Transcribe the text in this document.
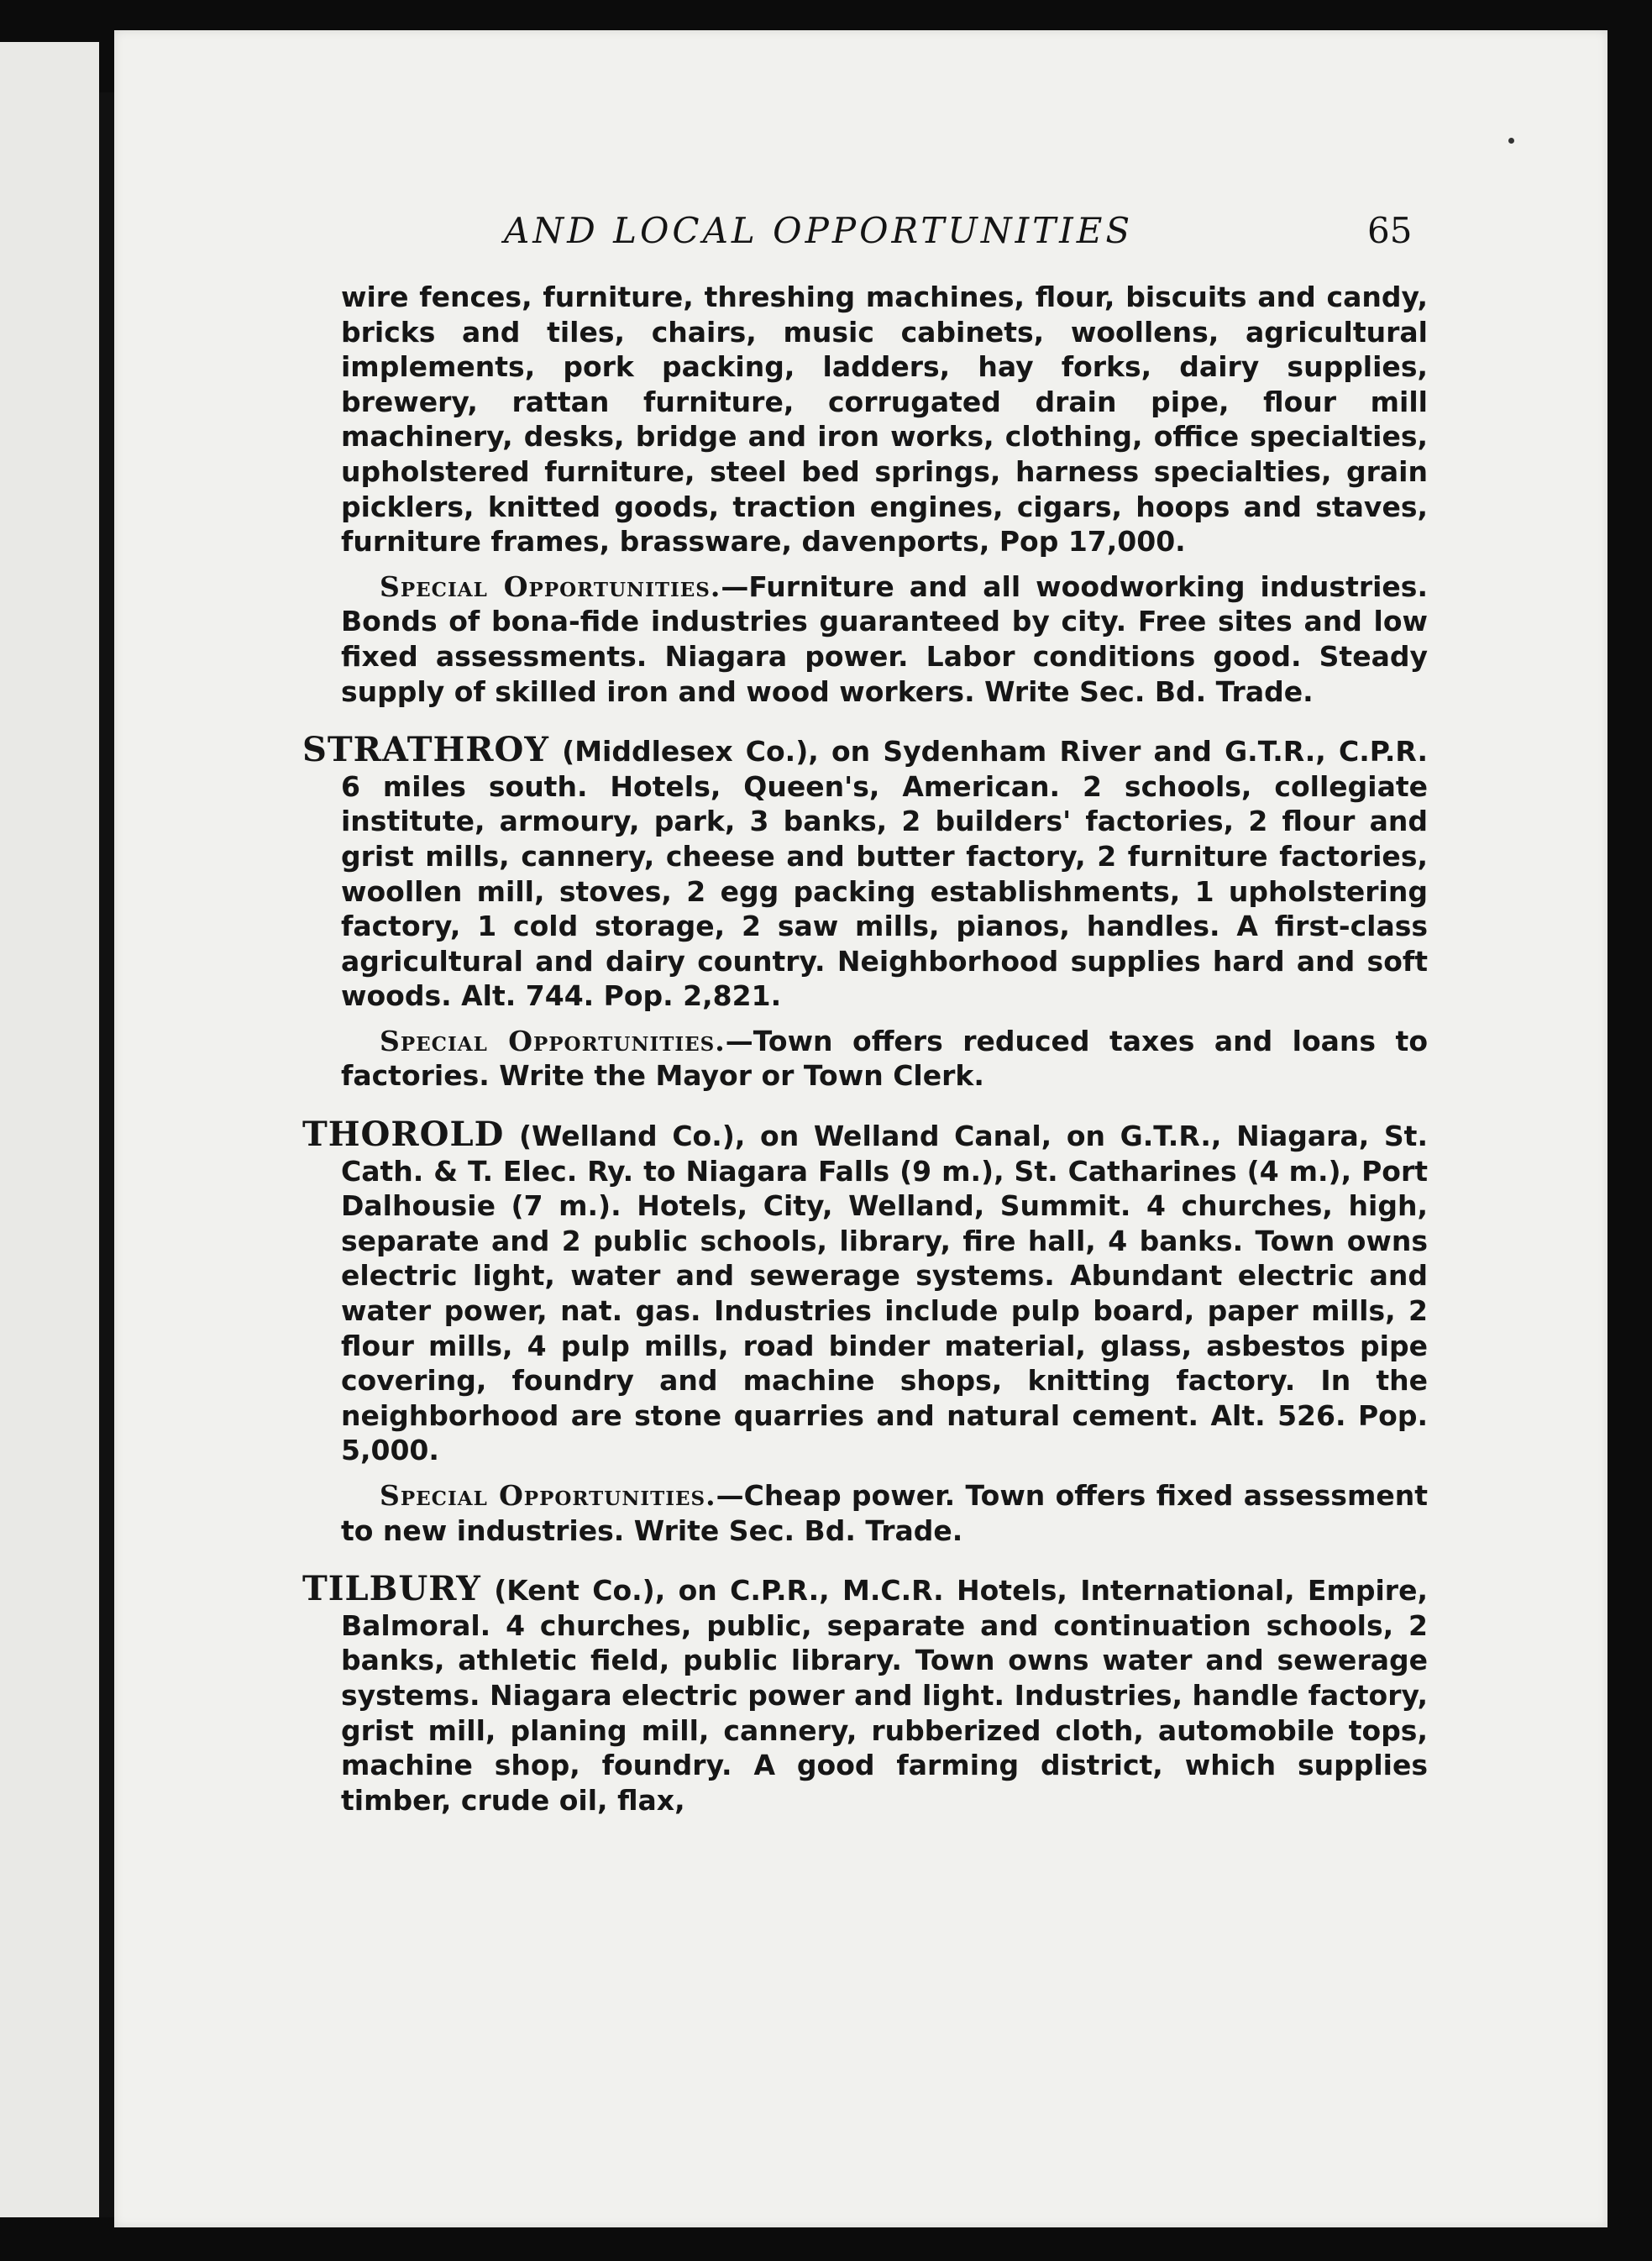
AND LOCAL OPPORTUNITIES	65

wire fences, furniture, threshing machines, flour, biscuits and candy, bricks and tiles, chairs, music cabinets, woollens, agricultural implements, pork packing, ladders, hay forks, dairy supplies, brewery, rattan furniture, corrugated drain pipe, flour mill machinery, desks, bridge and iron works, clothing, office specialties, upholstered furniture, steel bed springs, harness specialties, grain picklers, knitted goods, traction engines, cigars, hoops and staves, furniture frames, brassware, davenports, Pop 17,000.

Special Opportunities.—Furniture and all woodworking industries. Bonds of bona-fide industries guaranteed by city. Free sites and low fixed assessments. Niagara power. Labor conditions good. Steady supply of skilled iron and wood workers. Write Sec. Bd. Trade.

STRATHROY (Middlesex Co.), on Sydenham River and G.T.R., C.P.R. 6 miles south. Hotels, Queen's, American. 2 schools, collegiate institute, armoury, park, 3 banks, 2 builders' factories, 2 flour and grist mills, cannery, cheese and butter factory, 2 furniture factories, woollen mill, stoves, 2 egg packing establishments, 1 upholstering factory, 1 cold storage, 2 saw mills, pianos, handles. A first-class agricultural and dairy country. Neighborhood supplies hard and soft woods. Alt. 744. Pop. 2,821.

Special Opportunities.—Town offers reduced taxes and loans to factories. Write the Mayor or Town Clerk.

THOROLD (Welland Co.), on Welland Canal, on G.T.R., Niagara, St. Cath. & T. Elec. Ry. to Niagara Falls (9 m.), St. Catharines (4 m.), Port Dalhousie (7 m.). Hotels, City, Welland, Summit. 4 churches, high, separate and 2 public schools, library, fire hall, 4 banks. Town owns electric light, water and sewerage systems. Abundant electric and water power, nat. gas. Industries include pulp board, paper mills, 2 flour mills, 4 pulp mills, road binder material, glass, asbestos pipe covering, foundry and machine shops, knitting factory. In the neighborhood are stone quarries and natural cement. Alt. 526. Pop. 5,000.

Special Opportunities.—Cheap power. Town offers fixed assessment to new industries. Write Sec. Bd. Trade.

TILBURY (Kent Co.), on C.P.R., M.C.R. Hotels, International, Empire, Balmoral. 4 churches, public, separate and continuation schools, 2 banks, athletic field, public library. Town owns water and sewerage systems. Niagara electric power and light. Industries, handle factory, grist mill, planing mill, cannery, rubberized cloth, automobile tops, machine shop, foundry. A good farming district, which supplies timber, crude oil, flax,
